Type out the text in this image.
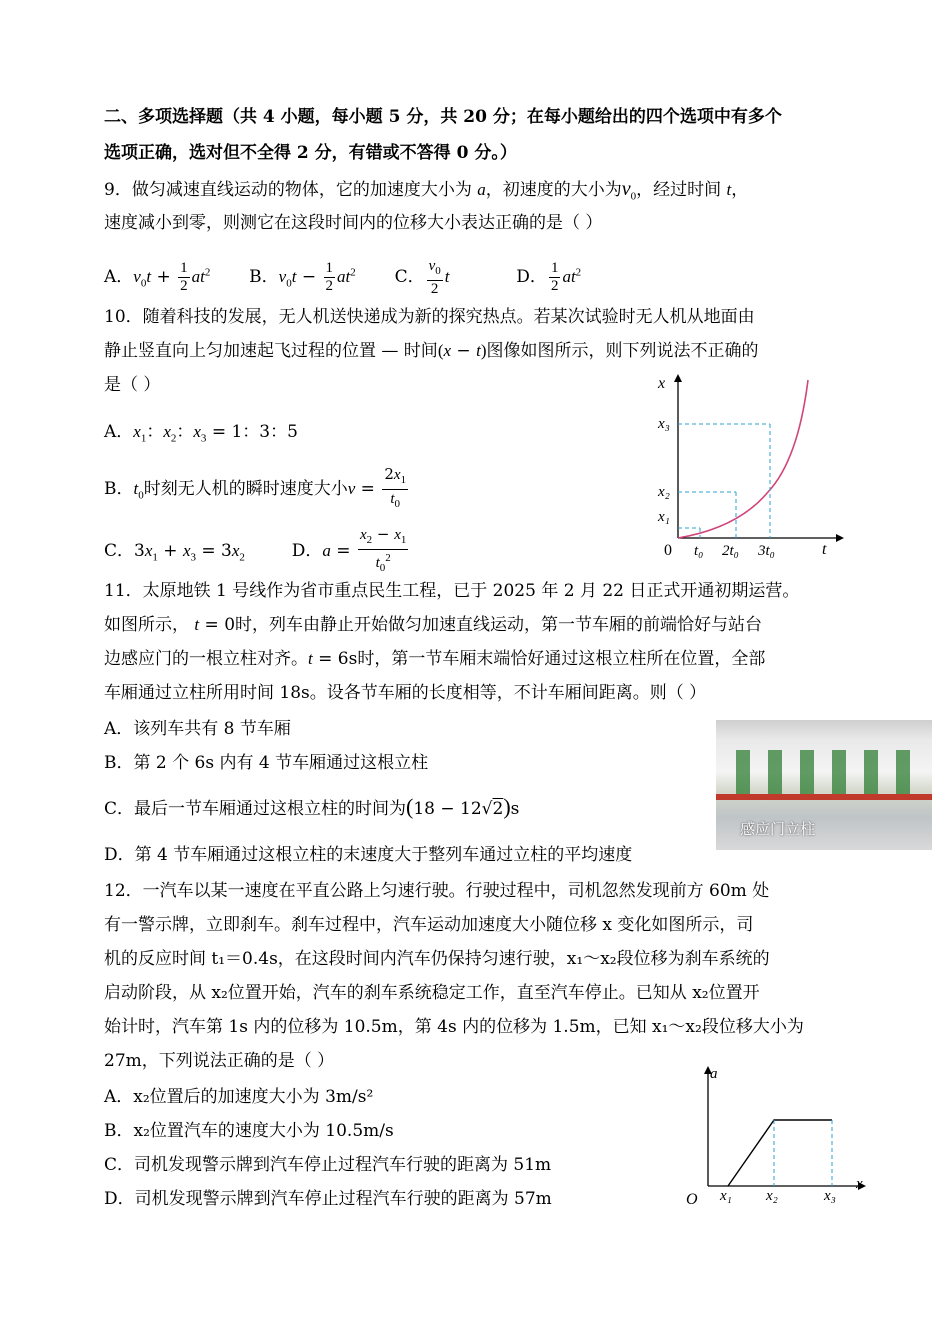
二、多项选择题（共 4 小题，每小题 5 分，共 20 分；在每小题给出的四个选项中有多个
选项正确，选对但不全得 2 分，有错或不答得 0 分。）
9．做匀减速直线运动的物体，它的加速度大小为 a，初速度的大小为$v_0$，经过时间 t，
速度减小到零，则测它在这段时间内的位移大小表达正确的是（ ）
A．$v_0t + \frac{1}{2} at^2$ B．$v_0t - \frac{1}{2} at^2$ C． $\frac{v_0}{2}$ t	D． $\frac{1}{2} at^2$
10．随着科技的发展，无人机送快递成为新的探究热点。若某次试验时无人机从地面由
静止竖直向上匀加速起飞过程的位置 — 时间(x − t)图像如图所示，则下列说法不正确的
是（ ）
A．$x_1$：$x_2$：$x_3 = 1$：3：5
B．$t_0$时刻无人机的瞬时速度大小$v = \frac{2x_1}{t_0}$
C．$3x_1 + x_3 = 3x_2$	D．$a = \frac{x_2 - x_1}{t_0^2}$
x
t
0
x₃
x₂
x₁
t₀ 2t₀ 3t₀
11．太原地铁 1 号线作为省市重点民生工程，已于 2025 年 2 月 22 日正式开通初期运营。
如图所示， t = 0时，列车由静止开始做匀加速直线运动，第一节车厢的前端恰好与站台
边感应门的一根立柱对齐。t = 6s时，第一节车厢末端恰好通过这根立柱所在位置，全部
车厢通过立柱所用时间 18s。设各节车厢的长度相等，不计车厢间距离。则（ ）
A．该列车共有 8 节车厢
B．第 2 个 6s 内有 4 节车厢通过这根立柱
C．最后一节车厢通过这根立柱的时间为(18 − 12√2)s
D．第 4 节车厢通过这根立柱的末速度大于整列车通过立柱的平均速度
感应门立柱
12．一汽车以某一速度在平直公路上匀速行驶。行驶过程中，司机忽然发现前方 60m 处
有一警示牌，立即刹车。刹车过程中，汽车运动加速度大小随位移 x 变化如图所示，司
机的反应时间 t₁＝0.4s，在这段时间内汽车仍保持匀速行驶，x₁～x₂段位移为刹车系统的
启动阶段，从 x₂位置开始，汽车的刹车系统稳定工作，直至汽车停止。已知从 x₂位置开
始计时，汽车第 1s 内的位移为 10.5m，第 4s 内的位移为 1.5m，已知 x₁～x₂段位移大小为
27m，下列说法正确的是（ ）
A．x₂位置后的加速度大小为 3m/s²
B．x₂位置汽车的速度大小为 10.5m/s
C．司机发现警示牌到汽车停止过程汽车行驶的距离为 51m
D．司机发现警示牌到汽车停止过程汽车行驶的距离为 57m
a
x
O x₁ x₂	x₃
